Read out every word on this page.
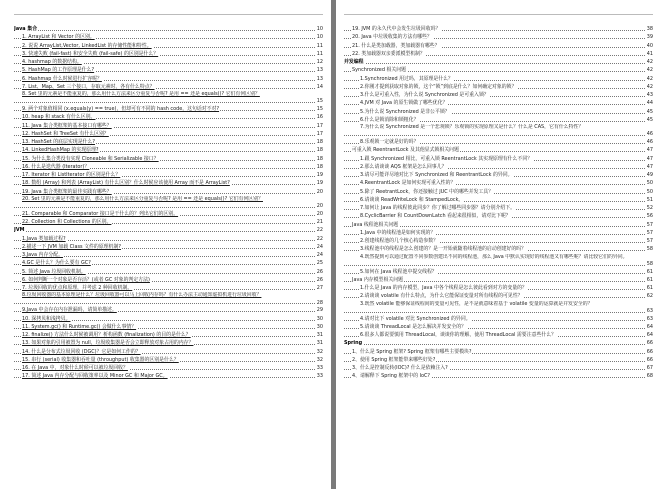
Java 集合	10
1. ArrayList 和 Vector 的区别。	10
2. 说说 ArrayList,Vector, LinkedList 的存储性能和特性。	11
3. 快速失败 (fail-fast) 和安全失败 (fail-safe) 的区别是什么？	11
4. hashmap 的数据结构。	12
5. HashMap 的工作原理是什么?	13
6. Hashmap 什么时候进行扩容呢？	13
7. List、Map、Set 三个接口，存取元素时，各有什么特点？	14
8. Set 里的元素是不能重复的，那么用什么方法来区分重复与否呢? 是用 == 还是 equals()? 它们有何区别？
15
9. 两个对象值相同 (x.equals(y) == true)，但却可有不同的 hash code，这句话对不对?	15
10. heap 和 stack 有什么区别。	16
11. Java 集合类框架的基本接口有哪些？	17
12. HashSet 和 TreeSet 有什么区别？	17
13. HashSet 的底层实现是什么?	18
14. LinkedHashMap 的实现原理?	18
15. 为什么集合类没有实现 Cloneable 和 Serializable 接口？	18
16. 什么是迭代器 (Iterator)？	18
17. Iterator 和 ListIterator 的区别是什么？	19
18. 数组 (Array) 和列表 (ArrayList) 有什么区别？什么时候应该使用 Array 而不是 ArrayList?	19
19. Java 集合类框架的最佳实践有哪些？	20
20. Set 里的元素是不能重复的，那么用什么方法来区分重复与否呢? 是用 == 还是 equals()? 它们有何区别？
20
21. Comparable 和 Comparator 接口是干什么的？列出它们的区别。	20
22. Collection 和 Collections 的区别。	21
JVM	22
1.Java 类加载过程?	22
2.描述一下 JVM 加载 Class 文件的原理机制?	24
3.Java 内存分配。	24
4.GC 是什么？为什么要有 GC?	25
5. 简述 Java 垃圾回收机制。	26
6. 如何判断一个对象是否存活？(或者 GC 对象的判定方法)	26
7. 垃圾回收的优点和原理，并考虑 2 种回收机制。	27
8.垃圾回收器的基本原理是什么？垃圾回收器可以马上回收内存吗？有什么办法主动通知虚拟机进行垃圾回收？
28
9.Java 中会存在内存泄漏吗，请简单描述。	29
10. 深拷贝和浅拷贝。	30
11. System.gc() 和 Runtime.gc() 会做什么事情？	30
12. finalize() 方法什么时候被调用？析构函数 (finalization) 的目的是什么？	31
13. 如果对象的引用被置为 null，垃圾收集器是否会立即释放对象占用的内存？	31
14. 什么是分布式垃圾回收 (DGC)？它是如何工作的？	32
15. 串行 (serial) 收集器和吞吐量 (throughput) 收集器的区别是什么？	32
16. 在 Java 中，对象什么时候可以被垃圾回收？	33
17. 简述 Java 内存分配与回收策率以及 Minor GC 和 Major GC。	33
19. JVM 的永久代中会发生垃圾回收吗？	38
20. Java 中垃圾收集的方法有哪些？	39
21. 什么是类加载器，类加载器有哪些？	40
22. 类加载器双亲委派模型机制？	41
并发编程	42
Synchronized 相关问题	42
1.Synchronized 用过吗，其原理是什么？	42
2.你刚才提到获取对象的锁，这个“锁”到底是什么？如何确定对象的锁？	42
3.什么是可重入性，为什么说 Synchronized 是可重入锁？	43
4.JVM 对 Java 的原生锁做了哪些优化？	44
5.为什么说 Synchronized 是非公平锁？	45
6.什么是锁消除和锁粗化？	45
7.为什么说 Synchronized 是一个悲观锁？乐观锁的实现原理又是什么？什么是 CAS，它有什么特性？
46
8.乐观锁一定就是好的吗？	46
可重入锁 ReentrantLock 及其他显式锁相关问题	47
1.跟 Synchronized 相比，可重入锁 ReentrantLock 其实现原理有什么不同？	47
2.那么请谈谈 AQS 框架是怎么回事儿？	47
3.请尽可能详尽地对比下 Synchronized 和 ReentrantLock 的异同。	49
4.ReentrantLock 是如何实现可重入性的？	50
5.除了 ReetrantLock，你还接触过 JUC 中的哪些并发工具？	50
6.请谈谈 ReadWriteLock 和 StampedLock。	51
7.如何让 Java 的线程彼此同步？你了解过哪些同步器？请分别介绍下。	52
8.CyclicBarrier 和 CountDownLatch 看起来很相似，请对比下呢？	56
Java 线程池相关问题	57
1.Java 中的线程池是如何实现的？	57
2.创建线程池的几个核心构造参数？	57
3.线程池中的线程是怎么创建的？是一开始就随着线程池的启动创建好的吗？	58
4.既然提到可以通过配置不同参数创建出不同的线程池，那么 Java 中默认实现好的线程池又有哪些呢？请比较它们的异同。
58
5.如何在 Java 线程池中提交线程？	61
Java 内存模型相关问题	61
1.什么是 Java 的内存模型，Java 中各个线程是怎么彼此看到对方的变量的？	61
2.请谈谈 volatile 有什么特点，为什么它能保证变量对所有线程的可见性？	62
3.既然 volatile 能够保证线程间的变量可见性，是不是就意味着基于 volatile 变量的运算就是并发安全的？
63
4.请对比下 volatile 对比 Synchronized 的异同。	63
5.请谈谈 ThreadLocal 是怎么解决并发安全的？	64
6.很多人都说要慎用 ThreadLocal，谈谈你的理解，使用 ThreadLocal 需要注意些什么？	64
Spring	66
1、什么是 Spring 框架? Spring 框架有哪些主要模块?	66
2、使用 Spring 框架能带来哪些好处?	66
3、什么是控制反转(IOC)? 什么是依赖注入?	67
4、请解释下 Spring 框架中的 IoC?	68
